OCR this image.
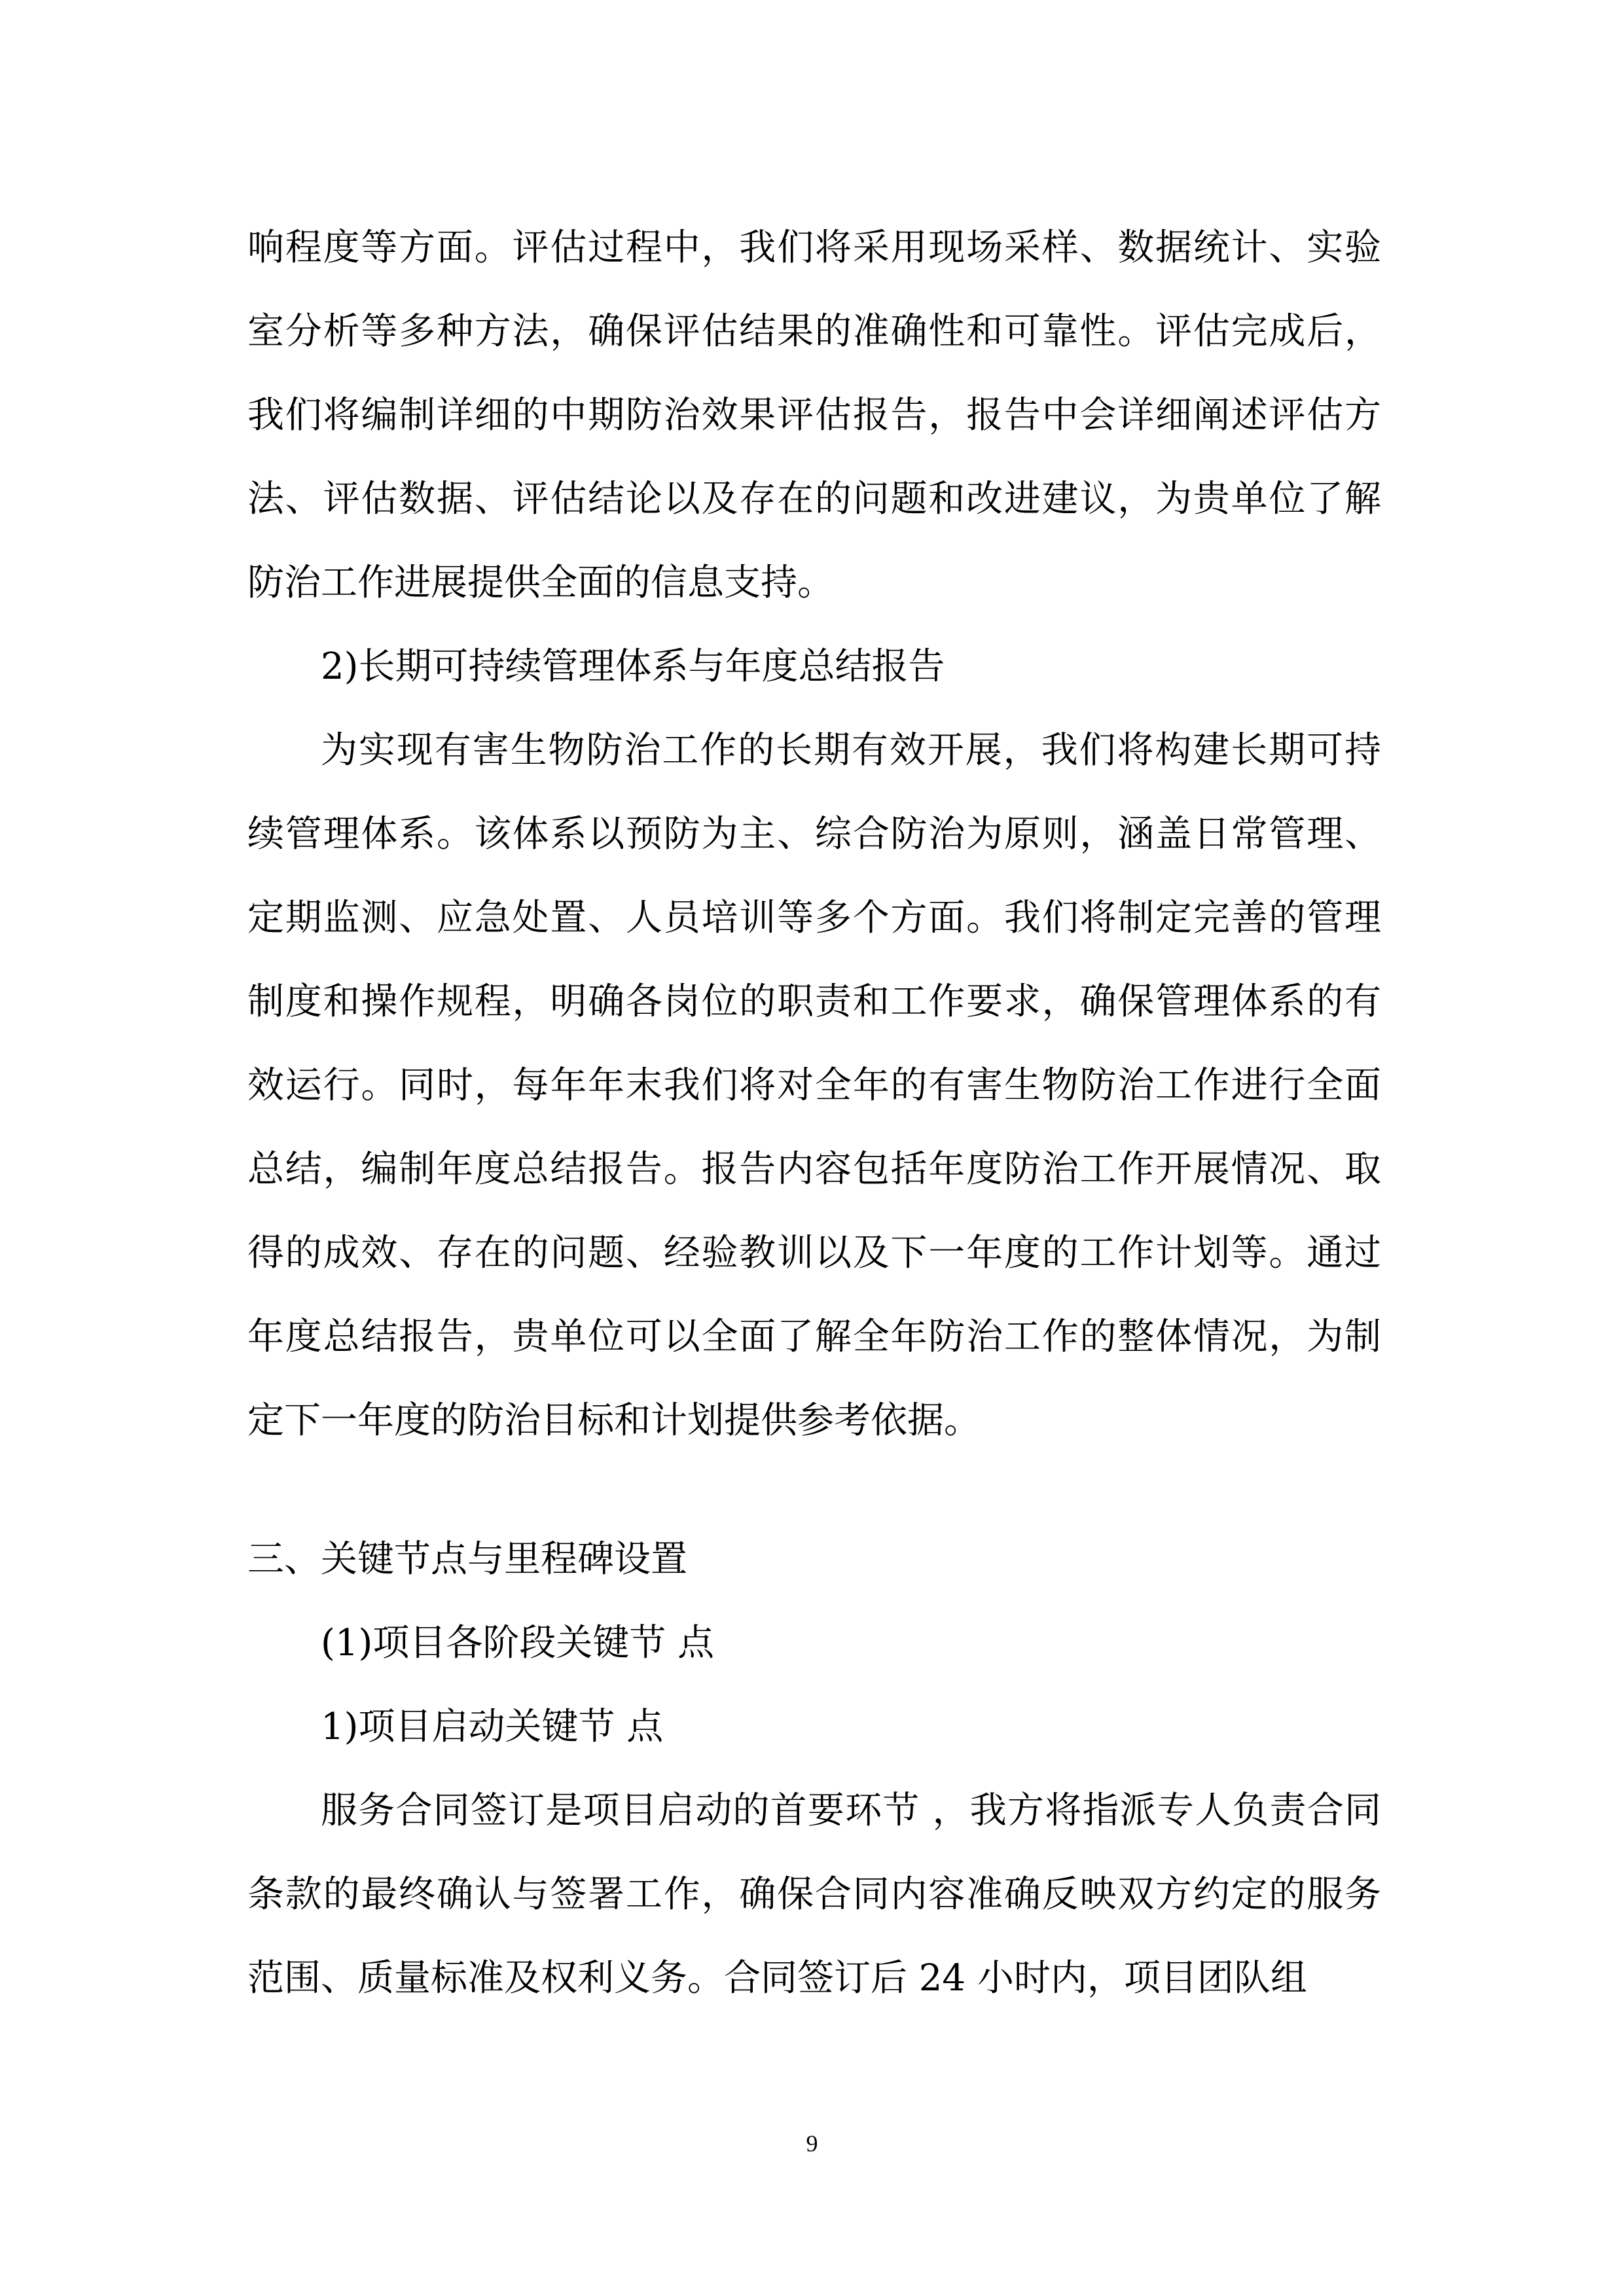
响程度等方面。评估过程中，我们将采用现场采样、数据统计、实验室分析等多种方法，确保评估结果的准确性和可靠性。评估完成后，我们将编制详细的中期防治效果评估报告，报告中会详细阐述评估方法、评估数据、评估结论以及存在的问题和改进建议，为贵单位了解防治工作进展提供全面的信息支持。

2)长期可持续管理体系与年度总结报告

为实现有害生物防治工作的长期有效开展，我们将构建长期可持续管理体系。该体系以预防为主、综合防治为原则，涵盖日常管理、定期监测、应急处置、人员培训等多个方面。我们将制定完善的管理制度和操作规程，明确各岗位的职责和工作要求，确保管理体系的有效运行。同时，每年年末我们将对全年的有害生物防治工作进行全面总结，编制年度总结报告。报告内容包括年度防治工作开展情况、取得的成效、存在的问题、经验教训以及下一年度的工作计划等。通过年度总结报告，贵单位可以全面了解全年防治工作的整体情况，为制定下一年度的防治目标和计划提供参考依据。

三、关键节点与里程碑设置

(1)项目各阶段关键节 点

1)项目启动关键节 点

服务合同签订是项目启动的首要环节 ，我方将指派专人负责合同条款的最终确认与签署工作，确保合同内容准确反映双方约定的服务范围、质量标准及权利义务。合同签订后 24 小时内，项目团队组

9
